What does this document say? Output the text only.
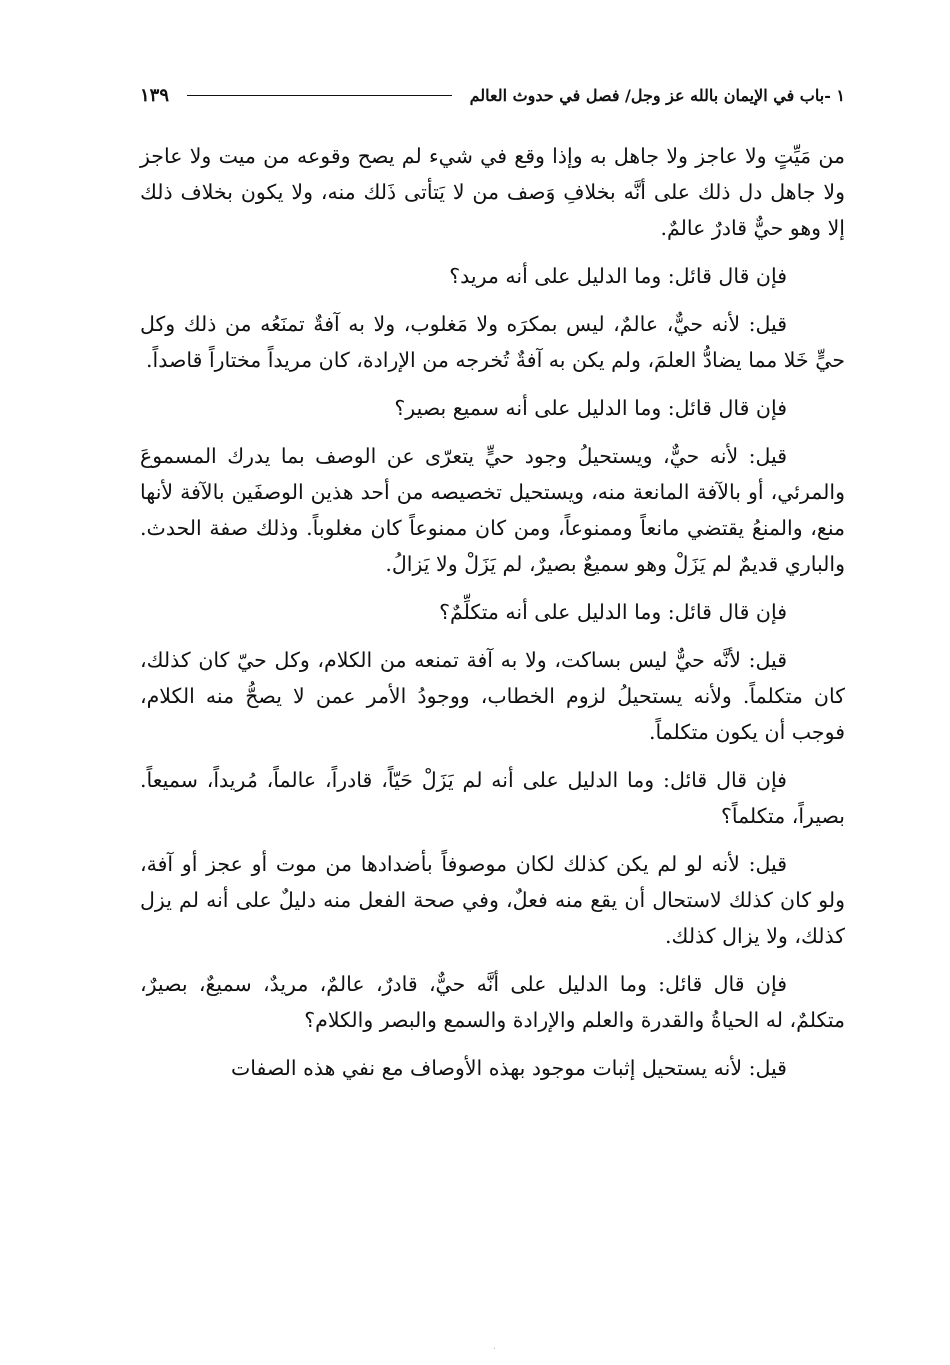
١ -باب في الإيمان بالله عز وجل/ فصل في حدوث العالم
١٣٩

من مَيِّتٍ ولا عاجز ولا جاهل به وإذا وقع في شيء لم يصح وقوعه من ميت ولا عاجز ولا جاهل دل ذلك على أنَّه بخلافِ وَصف من لا يَتأتى ذَلك منه، ولا يكون بخلاف ذلك إلا وهو حيٌّ قادرٌ عالمٌ.

فإن قال قائل: وما الدليل على أنه مريد؟

قيل: لأنه حيٌّ، عالمٌ، ليس بمكرَه ولا مَغلوب، ولا به آفةٌ تمنَعُه من ذلك وكل حيٍّ خَلا مما يضادُّ العلمَ، ولم يكن به آفةٌ تُخرجه من الإرادة، كان مريداً مختاراً قاصداً.

فإن قال قائل: وما الدليل على أنه سميع بصير؟

قيل: لأنه حيٌّ، ويستحيلُ وجود حيٍّ يتعرّى عن الوصف بما يدرك المسموعَ والمرئي، أو بالآفة المانعة منه، ويستحيل تخصيصه من أحد هذين الوصفَين بالآفة لأنها منع، والمنعُ يقتضي مانعاً وممنوعاً، ومن كان ممنوعاً كان مغلوباً. وذلك صفة الحدث. والباري قديمٌ لم يَزَلْ وهو سميعٌ بصيرٌ، لم يَزَلْ ولا يَزالُ.

فإن قال قائل: وما الدليل على أنه متكلِّمٌ؟

قيل: لأنَّه حيٌّ ليس بساكت، ولا به آفة تمنعه من الكلام، وكل حيّ كان كذلك، كان متكلماً. ولأنه يستحيلُ لزوم الخطاب، ووجودُ الأمر عمن لا يصحُّ منه الكلام، فوجب أن يكون متكلماً.

فإن قال قائل: وما الدليل على أنه لم يَزَلْ حَيّاً، قادراً، عالماً، مُريداً، سميعاً. بصيراً، متكلماً؟

قيل: لأنه لو لم يكن كذلك لكان موصوفاً بأضدادها من موت أو عجز أو آفة، ولو كان كذلك لاستحال أن يقع منه فعلٌ، وفي صحة الفعل منه دليلٌ على أنه لم يزل كذلك، ولا يزال كذلك.

فإن قال قائل: وما الدليل على أنَّه حيٌّ، قادرٌ، عالمٌ، مريدٌ، سميعٌ، بصيرٌ، متكلمٌ، له الحياةُ والقدرة والعلم والإرادة والسمع والبصر والكلام؟

قيل: لأنه يستحيل إثبات موجود بهذه الأوصاف مع نفي هذه الصفات

·
